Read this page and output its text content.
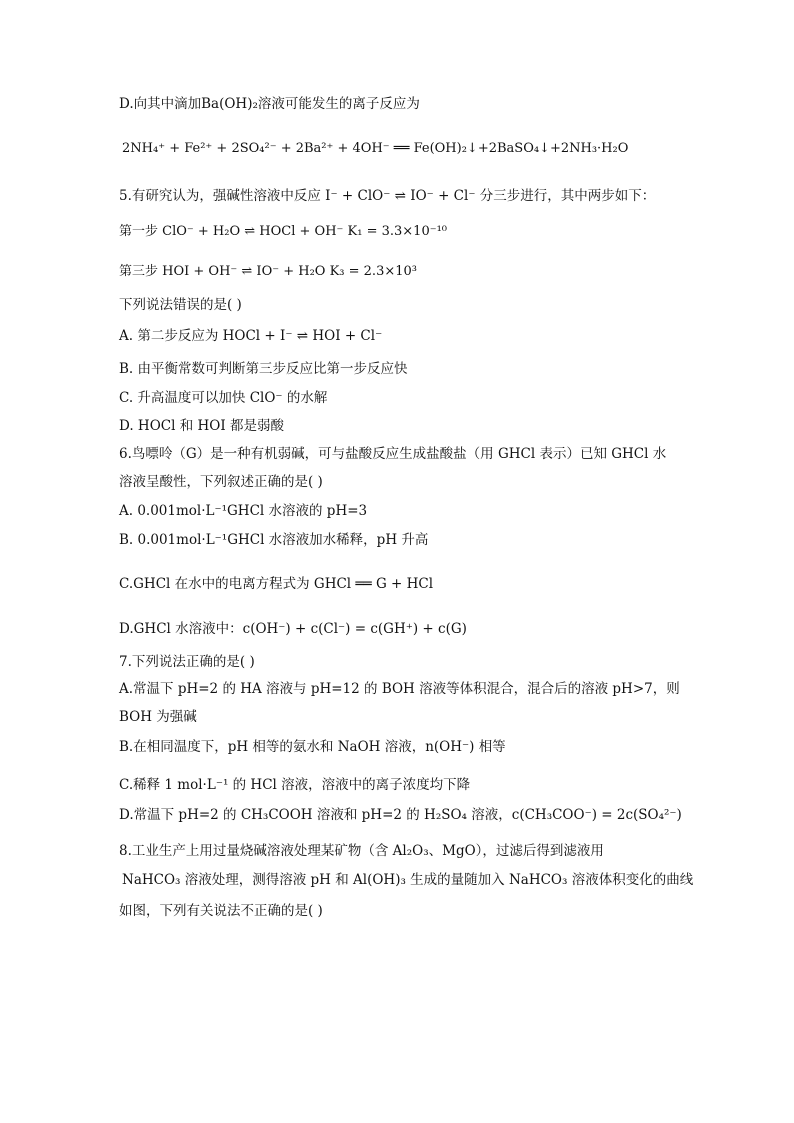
D.向其中滴加Ba(OH)₂溶液可能发生的离子反应为
2NH₄⁺ + Fe²⁺ + 2SO₄²⁻ + 2Ba²⁺ + 4OH⁻ ══ Fe(OH)₂↓+2BaSO₄↓+2NH₃·H₂O
5.有研究认为，强碱性溶液中反应 I⁻ + ClO⁻ ⇌ IO⁻ + Cl⁻ 分三步进行，其中两步如下：
第一步 ClO⁻ + H₂O ⇌ HOCl + OH⁻ K₁ = 3.3×10⁻¹⁰
第三步 HOI + OH⁻ ⇌ IO⁻ + H₂O K₃ = 2.3×10³
下列说法错误的是( )
A. 第二步反应为 HOCl + I⁻ ⇌ HOI + Cl⁻
B. 由平衡常数可判断第三步反应比第一步反应快
C. 升高温度可以加快 ClO⁻ 的水解
D. HOCl 和 HOI 都是弱酸
6.鸟嘌呤（G）是一种有机弱碱，可与盐酸反应生成盐酸盐（用 GHCl 表示）已知 GHCl 水
溶液呈酸性，下列叙述正确的是( )
A. 0.001mol·L⁻¹GHCl 水溶液的 pH=3
B. 0.001mol·L⁻¹GHCl 水溶液加水稀释，pH 升高
C.GHCl 在水中的电离方程式为 GHCl ══ G + HCl
D.GHCl 水溶液中：c(OH⁻) + c(Cl⁻) = c(GH⁺) + c(G)
7.下列说法正确的是( )
A.常温下 pH=2 的 HA 溶液与 pH=12 的 BOH 溶液等体积混合，混合后的溶液 pH>7，则
BOH 为强碱
B.在相同温度下，pH 相等的氨水和 NaOH 溶液，n(OH⁻) 相等
C.稀释 1 mol·L⁻¹ 的 HCl 溶液，溶液中的离子浓度均下降
D.常温下 pH=2 的 CH₃COOH 溶液和 pH=2 的 H₂SO₄ 溶液，c(CH₃COO⁻) = 2c(SO₄²⁻)
8.工业生产上用过量烧碱溶液处理某矿物（含 Al₂O₃、MgO），过滤后得到滤液用
NaHCO₃ 溶液处理，测得溶液 pH 和 Al(OH)₃ 生成的量随加入 NaHCO₃ 溶液体积变化的曲线
如图，下列有关说法不正确的是( )
